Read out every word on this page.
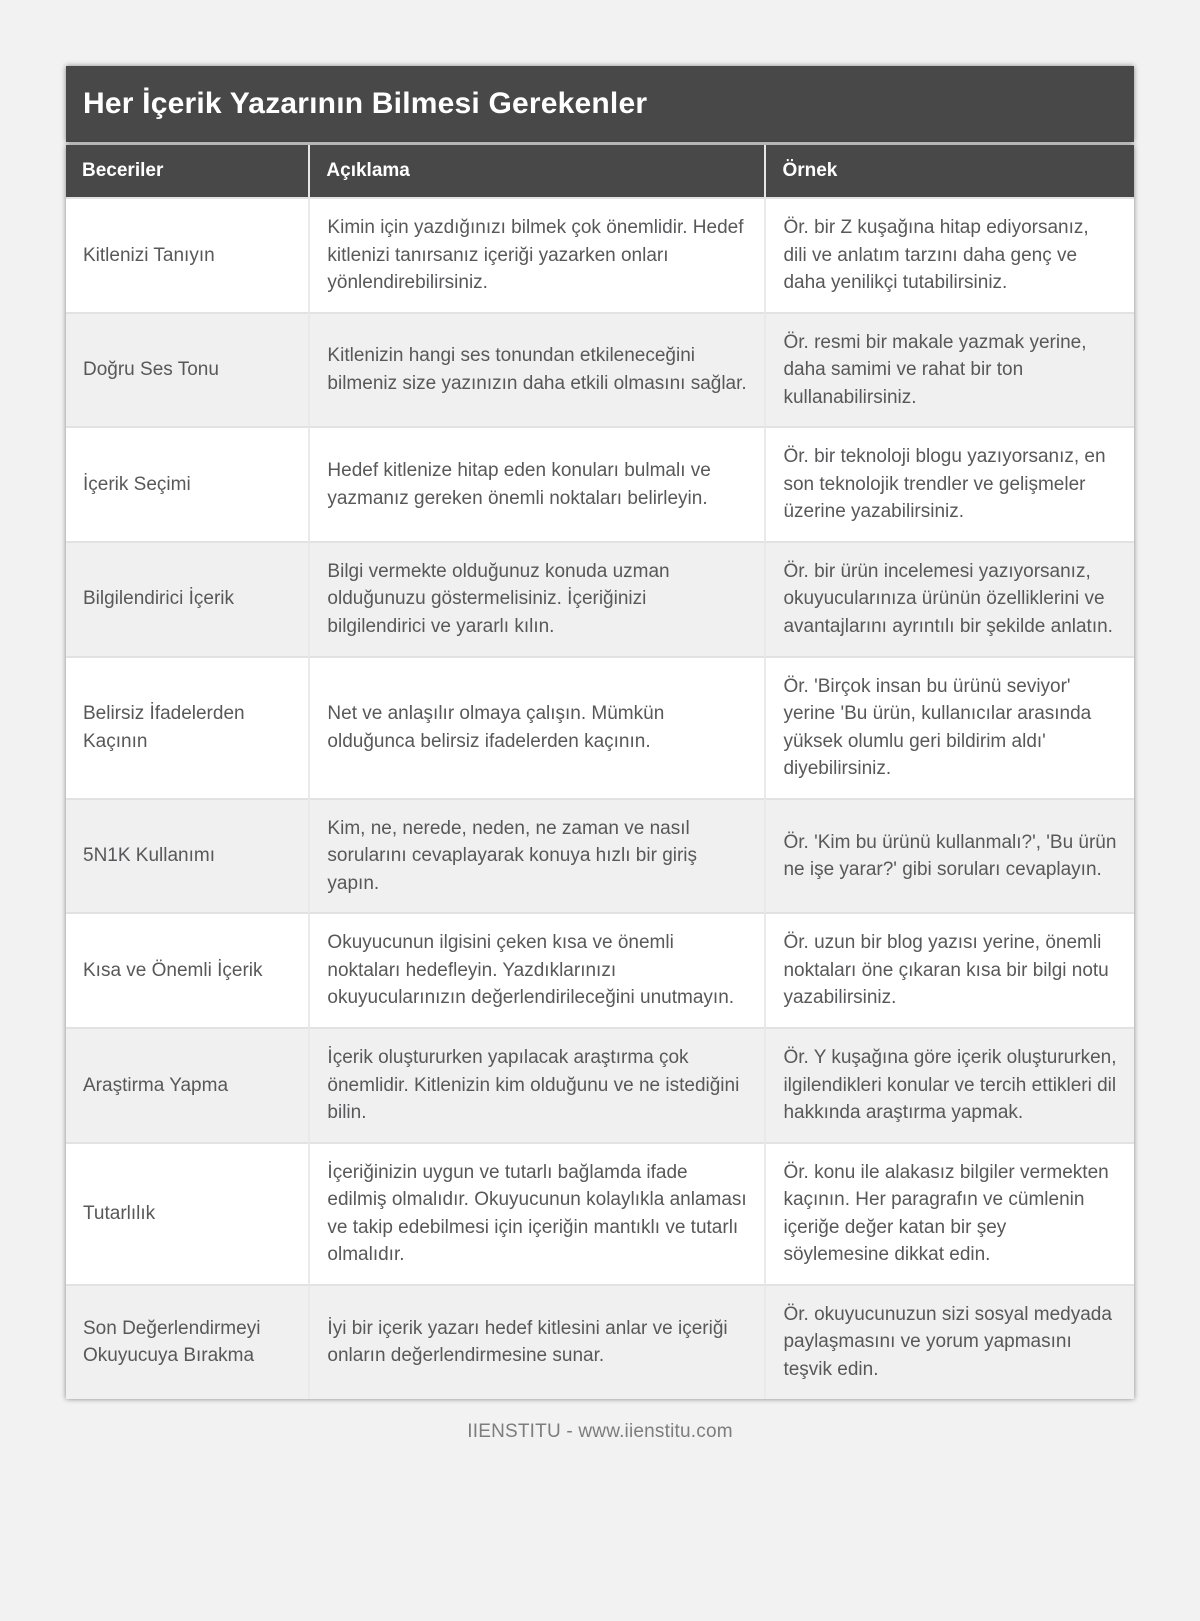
Her İçerik Yazarının Bilmesi Gerekenler
Beceriler	Açıklama	Örnek
Kitlenizi Tanıyın	Kimin için yazdığınızı bilmek çok önemlidir. Hedef kitlenizi tanırsanız içeriği yazarken onları yönlendirebilirsiniz.	Ör. bir Z kuşağına hitap ediyorsanız, dili ve anlatım tarzını daha genç ve daha yenilikçi tutabilirsiniz.
Doğru Ses Tonu	Kitlenizin hangi ses tonundan etkileneceğini bilmeniz size yazınızın daha etkili olmasını sağlar.	Ör. resmi bir makale yazmak yerine, daha samimi ve rahat bir ton kullanabilirsiniz.
İçerik Seçimi	Hedef kitlenize hitap eden konuları bulmalı ve yazmanız gereken önemli noktaları belirleyin.	Ör. bir teknoloji blogu yazıyorsanız, en son teknolojik trendler ve gelişmeler üzerine yazabilirsiniz.
Bilgilendirici İçerik	Bilgi vermekte olduğunuz konuda uzman olduğunuzu göstermelisiniz. İçeriğinizi bilgilendirici ve yararlı kılın.	Ör. bir ürün incelemesi yazıyorsanız, okuyucularınıza ürünün özelliklerini ve avantajlarını ayrıntılı bir şekilde anlatın.
Belirsiz İfadelerden Kaçının	Net ve anlaşılır olmaya çalışın. Mümkün olduğunca belirsiz ifadelerden kaçının.	Ör. 'Birçok insan bu ürünü seviyor' yerine 'Bu ürün, kullanıcılar arasında yüksek olumlu geri bildirim aldı' diyebilirsiniz.
5N1K Kullanımı	Kim, ne, nerede, neden, ne zaman ve nasıl sorularını cevaplayarak konuya hızlı bir giriş yapın.	Ör. 'Kim bu ürünü kullanmalı?', 'Bu ürün ne işe yarar?' gibi soruları cevaplayın.
Kısa ve Önemli İçerik	Okuyucunun ilgisini çeken kısa ve önemli noktaları hedefleyin. Yazdıklarınızı okuyucularınızın değerlendirileceğini unutmayın.	Ör. uzun bir blog yazısı yerine, önemli noktaları öne çıkaran kısa bir bilgi notu yazabilirsiniz.
Araştirma Yapma	İçerik oluştururken yapılacak araştırma çok önemlidir. Kitlenizin kim olduğunu ve ne istediğini bilin.	Ör. Y kuşağına göre içerik oluştururken, ilgilendikleri konular ve tercih ettikleri dil hakkında araştırma yapmak.
Tutarlılık	İçeriğinizin uygun ve tutarlı bağlamda ifade edilmiş olmalıdır. Okuyucunun kolaylıkla anlaması ve takip edebilmesi için içeriğin mantıklı ve tutarlı olmalıdır.	Ör. konu ile alakasız bilgiler vermekten kaçının. Her paragrafın ve cümlenin içeriğe değer katan bir şey söylemesine dikkat edin.
Son Değerlendirmeyi Okuyucuya Bırakma	İyi bir içerik yazarı hedef kitlesini anlar ve içeriği onların değerlendirmesine sunar.	Ör. okuyucunuzun sizi sosyal medyada paylaşmasını ve yorum yapmasını teşvik edin.
IIENSTITU - www.iienstitu.com
